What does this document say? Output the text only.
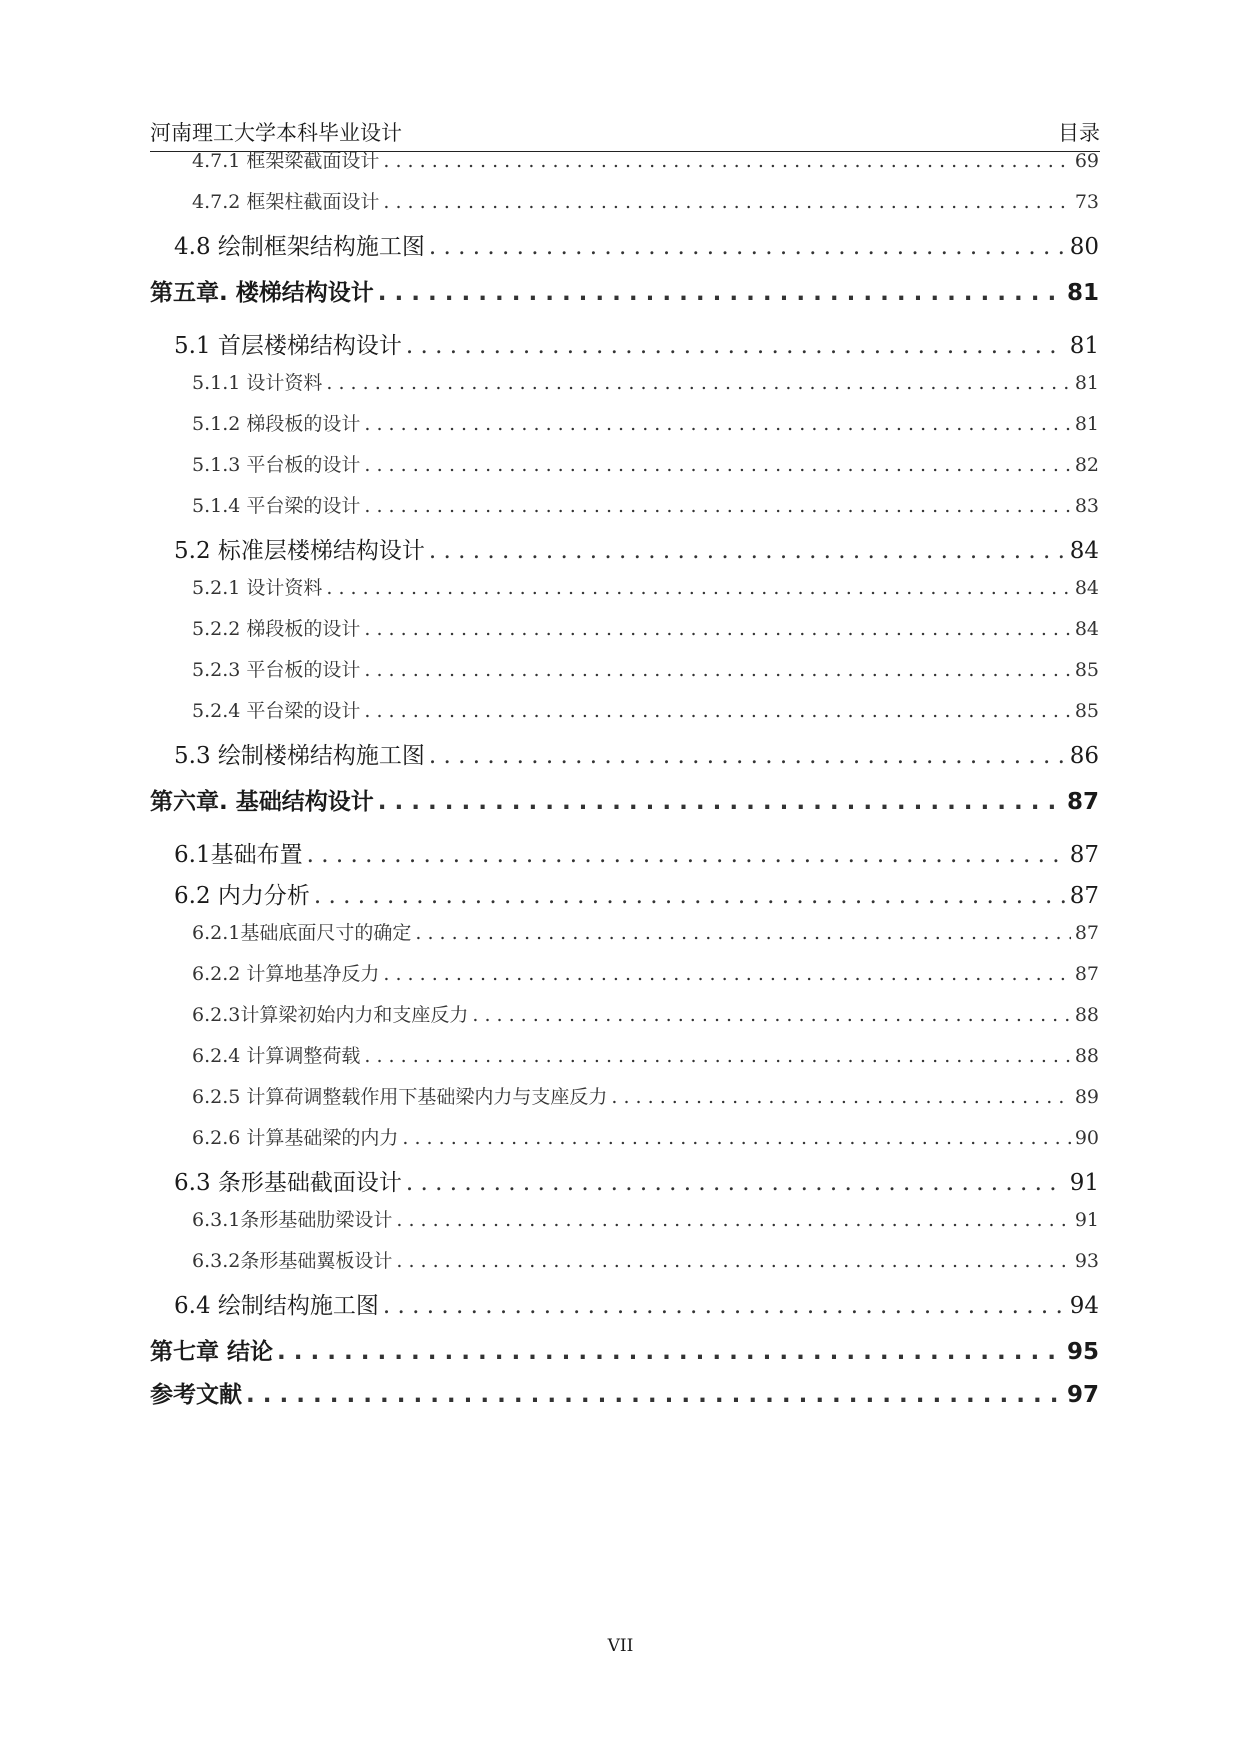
河南理工大学本科毕业设计	目录
4.7.1 框架梁截面设计 . . .	69
4.7.2 框架柱截面设计 . . .	73
4.8 绘制框架结构施工图 . . .	80
第五章. 楼梯结构设计 . . .	81
5.1 首层楼梯结构设计 . . .	81
5.1.1 设计资料 . . .	81
5.1.2 梯段板的设计 . . .	81
5.1.3 平台板的设计 . . .	82
5.1.4 平台梁的设计 . . .	83
5.2 标准层楼梯结构设计 . . .	84
5.2.1 设计资料 . . .	84
5.2.2 梯段板的设计 . . .	84
5.2.3 平台板的设计 . . .	85
5.2.4 平台梁的设计 . . .	85
5.3 绘制楼梯结构施工图 . . .	86
第六章. 基础结构设计 . . .	87
6.1基础布置 . . .	87
6.2 内力分析 . . .	87
6.2.1基础底面尺寸的确定 . . .	87
6.2.2 计算地基净反力 . . .	87
6.2.3计算梁初始内力和支座反力 . . .	88
6.2.4 计算调整荷载 . . .	88
6.2.5 计算荷调整载作用下基础梁内力与支座反力 . . .	89
6.2.6 计算基础梁的内力 . . .	90
6.3 条形基础截面设计 . . .	91
6.3.1条形基础肋梁设计 . . .	91
6.3.2条形基础翼板设计 . . .	93
6.4 绘制结构施工图 . . .	94
第七章 结论 . . .	95
参考文献 . . .	97
VII
